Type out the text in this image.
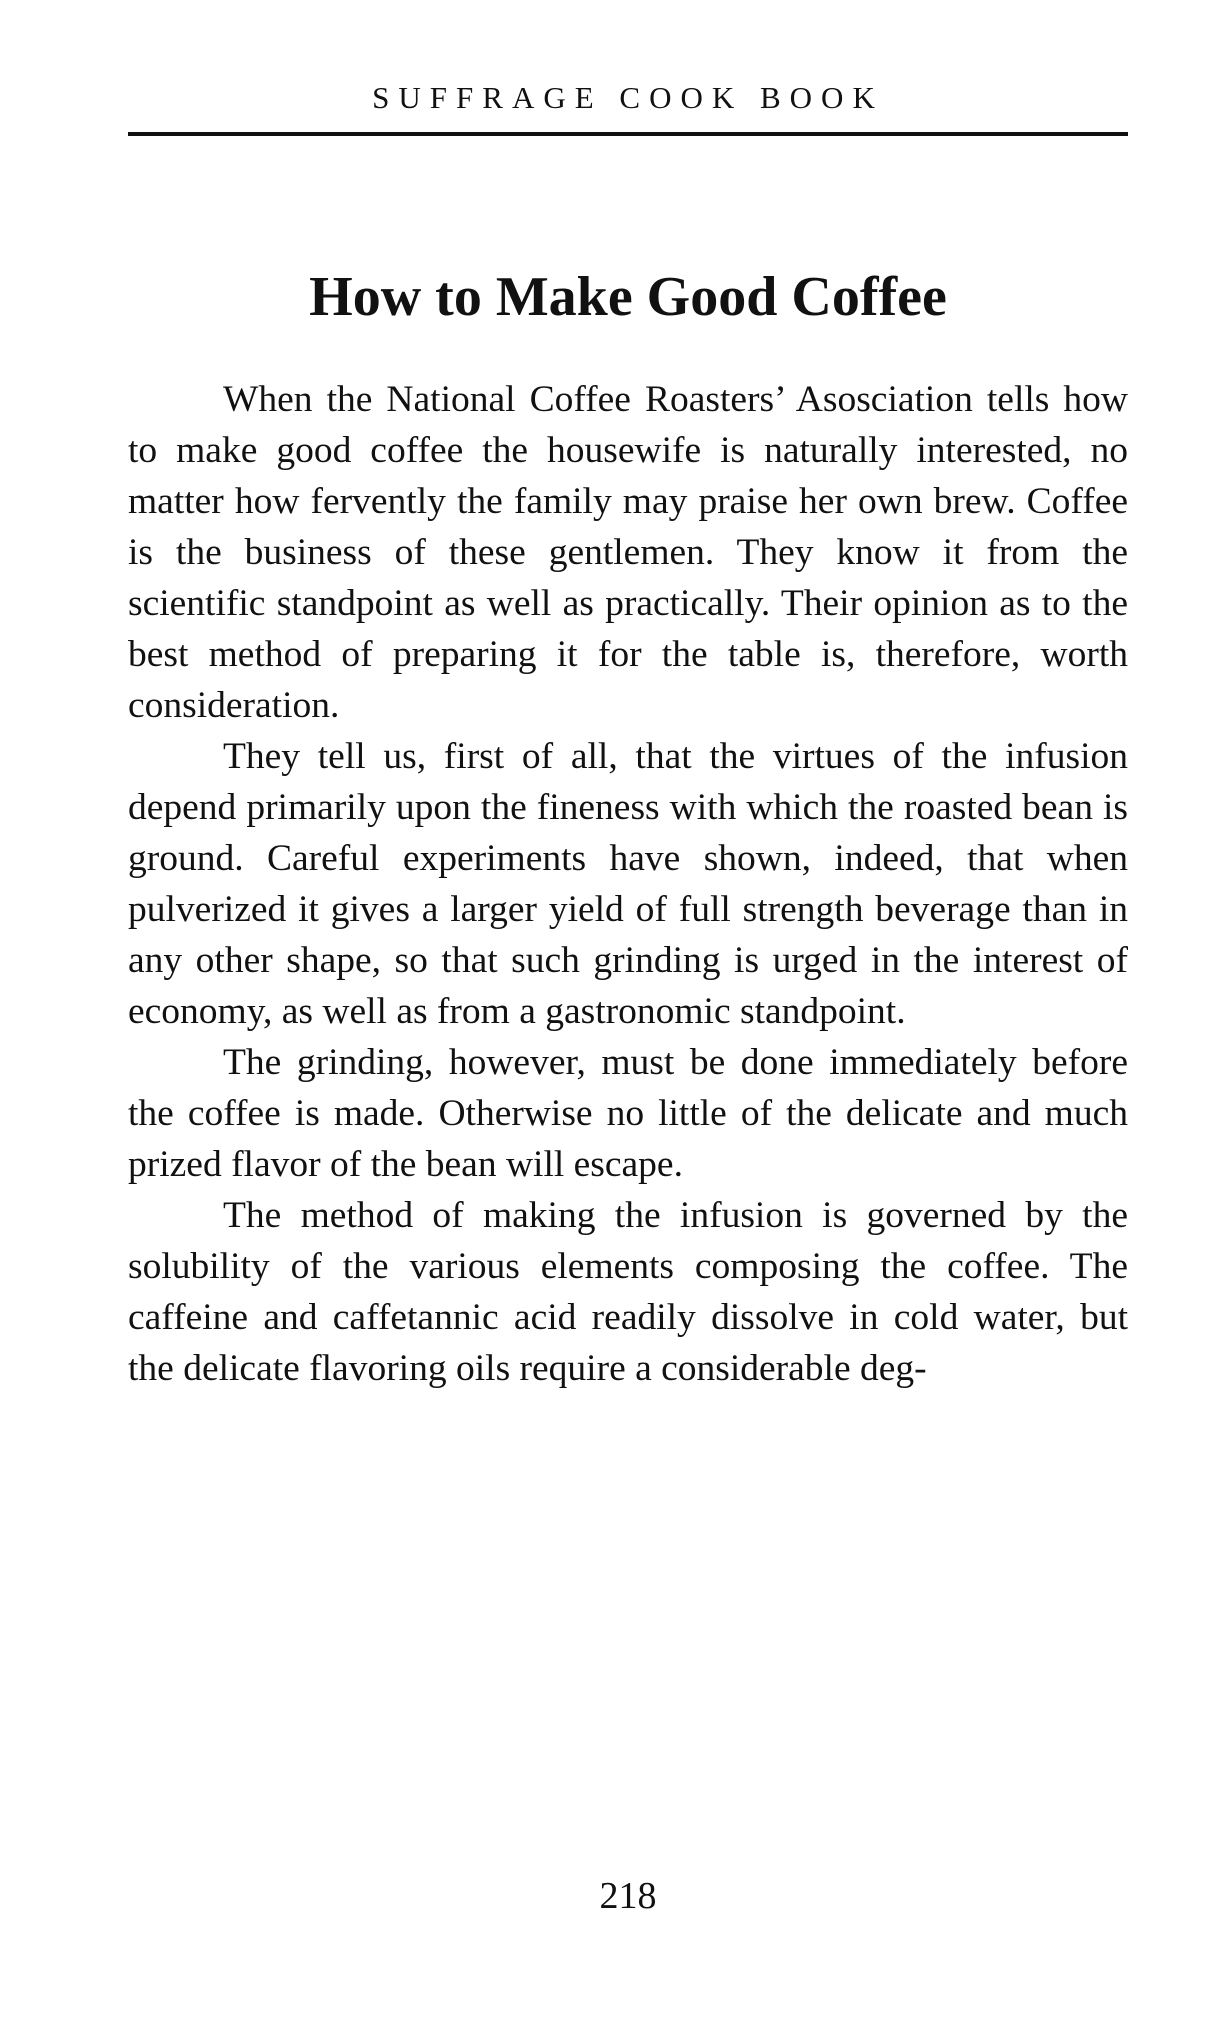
SUFFRAGE COOK BOOK
How to Make Good Coffee

When the National Coffee Roasters’ Asosciation tells how to make good coffee the housewife is naturally interested, no matter how fervently the family may praise her own brew. Coffee is the business of these gentlemen. They know it from the scientific standpoint as well as practically. Their opinion as to the best method of preparing it for the table is, therefore, worth consideration.

They tell us, first of all, that the virtues of the infusion depend primarily upon the fineness with which the roasted bean is ground. Careful experiments have shown, indeed, that when pulverized it gives a larger yield of full strength beverage than in any other shape, so that such grinding is urged in the interest of economy, as well as from a gastronomic standpoint.

The grinding, however, must be done immediately before the coffee is made. Otherwise no little of the delicate and much prized flavor of the bean will escape.

The method of making the infusion is governed by the solubility of the various elements composing the coffee. The caffeine and caffetannic acid readily dissolve in cold water, but the delicate flavoring oils require a considerable deg-

218
